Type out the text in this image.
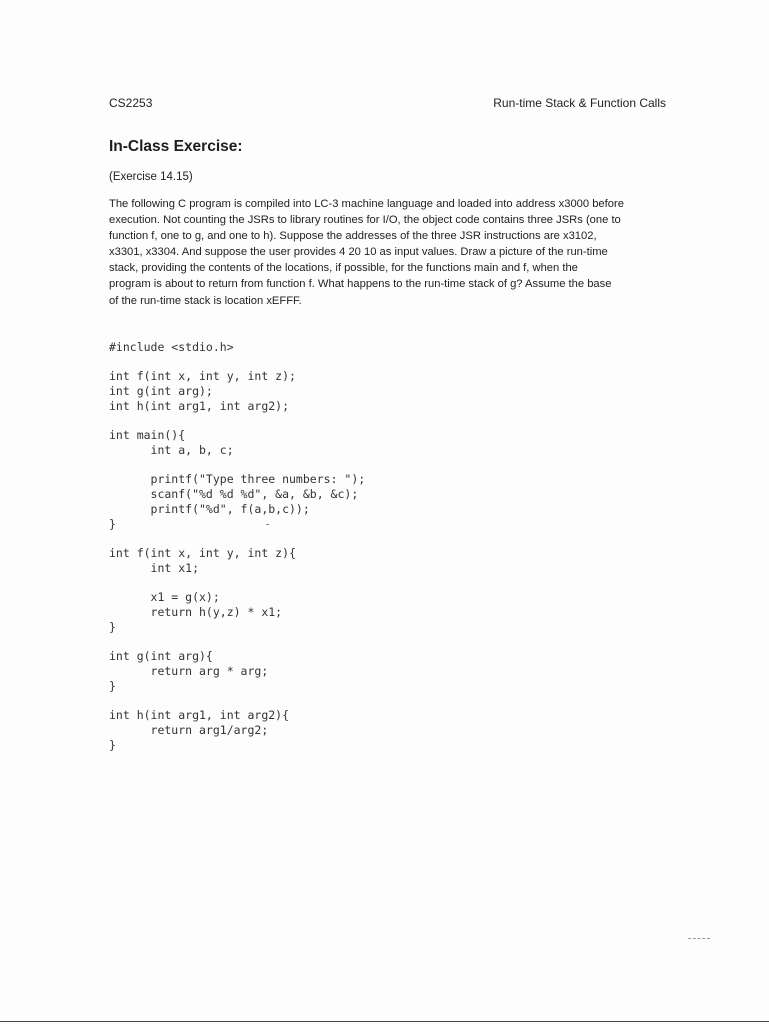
CS2253	Run-time Stack & Function Calls
In-Class Exercise:
(Exercise 14.15)
The following C program is compiled into LC-3 machine language and loaded into address x3000 before
execution. Not counting the JSRs to library routines for I/O, the object code contains three JSRs (one to
function f, one to g, and one to h). Suppose the addresses of the three JSR instructions are x3102,
x3301, x3304. And suppose the user provides 4 20 10 as input values. Draw a picture of the run-time
stack, providing the contents of the locations, if possible, for the functions main and f, when the
program is about to return from function f. What happens to the run-time stack of g? Assume the base
of the run-time stack is location xEFFF.
#include <stdio.h>
int f(int x, int y, int z);
int g(int arg);
int h(int arg1, int arg2);
int main(){
int a, b, c;
printf("Type three numbers: ");
scanf("%d %d %d", &a, &b, &c);
printf("%d", f(a,b,c));
}
int f(int x, int y, int z){
int x1;
x1 = g(x);
return h(y,z) * x1;
}
int g(int arg){
return arg * arg;
}
int h(int arg1, int arg2){
return arg1/arg2;
}
